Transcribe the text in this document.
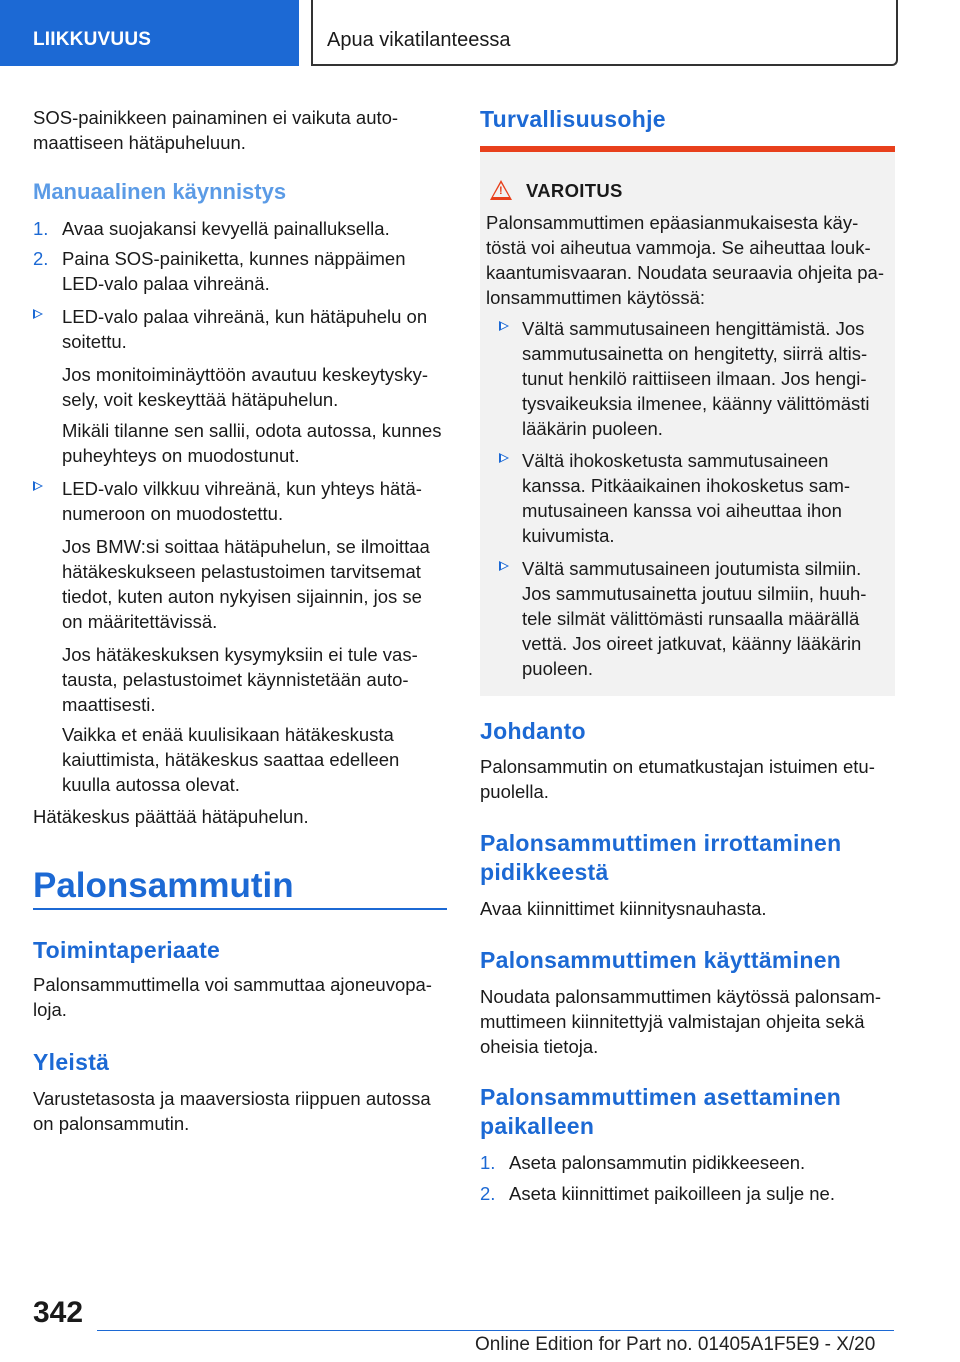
LIIKKUVUUS	Apua vikatilanteessa
SOS-painikkeen painaminen ei vaikuta auto-
maattiseen hätäpuheluun.
Manuaalinen käynnistys
1. Avaa suojakansi kevyellä painalluksella.
2. Paina SOS-painiketta, kunnes näppäimen
LED-valo palaa vihreänä.
LED-valo palaa vihreänä, kun hätäpuhelu on
soitettu.
Jos monitoiminäyttöön avautuu keskeytysky-
sely, voit keskeyttää hätäpuhelun.
Mikäli tilanne sen sallii, odota autossa, kunnes
puheyhteys on muodostunut.
LED-valo vilkkuu vihreänä, kun yhteys hätä-
numeroon on muodostettu.
Jos BMW:si soittaa hätäpuhelun, se ilmoittaa
hätäkeskukseen pelastustoimen tarvitsemat
tiedot, kuten auton nykyisen sijainnin, jos se
on määritettävissä.
Jos hätäkeskuksen kysymyksiin ei tule vas-
tausta, pelastustoimet käynnistetään auto-
maattisesti.
Vaikka et enää kuulisikaan hätäkeskusta
kaiuttimista, hätäkeskus saattaa edelleen
kuulla autossa olevat.
Hätäkeskus päättää hätäpuhelun.
Palonsammutin
Toimintaperiaate
Palonsammuttimella voi sammuttaa ajoneuvopa-
loja.
Yleistä
Varustetasosta ja maaversiosta riippuen autossa
on palonsammutin.
Turvallisuusohje
! VAROITUS
Palonsammuttimen epäasianmukaisesta käy-
töstä voi aiheutua vammoja. Se aiheuttaa louk-
kaantumisvaaran. Noudata seuraavia ohjeita pa-
lonsammuttimen käytössä:
Vältä sammutusaineen hengittämistä. Jos
sammutusainetta on hengitetty, siirrä altis-
tunut henkilö raittiiseen ilmaan. Jos hengi-
tysvaikeuksia ilmenee, käänny välittömästi
lääkärin puoleen.
Vältä ihokosketusta sammutusaineen
kanssa. Pitkäaikainen ihokosketus sam-
mutusaineen kanssa voi aiheuttaa ihon
kuivumista.
Vältä sammutusaineen joutumista silmiin.
Jos sammutusainetta joutuu silmiin, huuh-
tele silmät välittömästi runsaalla määrällä
vettä. Jos oireet jatkuvat, käänny lääkärin
puoleen.
Johdanto
Palonsammutin on etumatkustajan istuimen etu-
puolella.
Palonsammuttimen irrottaminen
pidikkeestä
Avaa kiinnittimet kiinnitysnauhasta.
Palonsammuttimen käyttäminen
Noudata palonsammuttimen käytössä palonsam-
muttimeen kiinnitettyjä valmistajan ohjeita sekä
oheisia tietoja.
Palonsammuttimen asettaminen
paikalleen
1. Aseta palonsammutin pidikkeeseen.
2. Aseta kiinnittimet paikoilleen ja sulje ne.
342
Online Edition for Part no. 01405A1F5E9 - X/20
